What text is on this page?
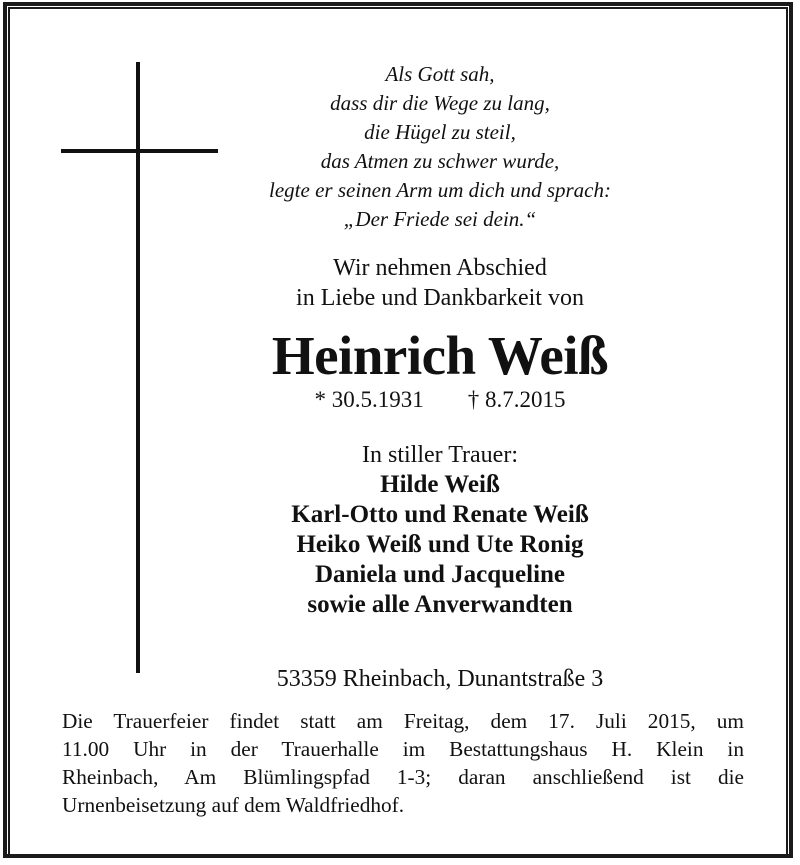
Als Gott sah,
dass dir die Wege zu lang,
die Hügel zu steil,
das Atmen zu schwer wurde,
legte er seinen Arm um dich und sprach:
„Der Friede sei dein.“
Wir nehmen Abschied
in Liebe und Dankbarkeit von
Heinrich Weiß
* 30.5.1931 † 8.7.2015
In stiller Trauer:
Hilde Weiß
Karl-Otto und Renate Weiß
Heiko Weiß und Ute Ronig
Daniela und Jacqueline
sowie alle Anverwandten
53359 Rheinbach, Dunantstraße 3
Die Trauerfeier findet statt am Freitag, dem 17. Juli 2015, um
11.00 Uhr in der Trauerhalle im Bestattungshaus H. Klein in
Rheinbach, Am Blümlingspfad 1-3; daran anschließend ist die
Urnenbeisetzung auf dem Waldfriedhof.
